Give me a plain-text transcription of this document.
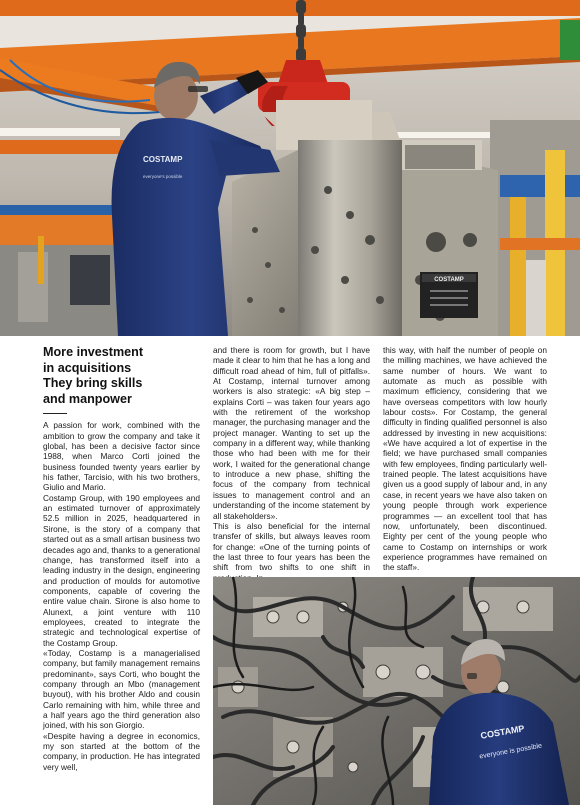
COSTAMP
COSTAMP
everyone's possible
More investment
in acquisitions
They bring skills
and manpower
A passion for work, combined with the ambition to grow the company and take it global, has been a decisive factor since 1988, when Marco Corti joined the business founded twenty years earlier by his father, Tarcisio, with his two brothers, Giulio and Mario.
Costamp Group, with 190 employees and an estimated turnover of approximately 52.5 million in 2025, headquartered in Sirone, is the story of a company that started out as a small artisan business two decades ago and, thanks to a generational change, has transformed itself into a leading industry in the design, engineering and production of moulds for automotive components, capable of covering the entire value chain. Sirone is also home to Alunext, a joint venture with 110 employees, created to integrate the strategic and technological expertise of the Costamp Group.
«Today, Costamp is a managerialised company, but family management remains predominant», says Corti, who bought the company through an Mbo (management buyout), with his brother Aldo and cousin Carlo remaining with him, while three and a half years ago the third generation also joined, with his son Giorgio.
«Despite having a degree in economics, my son started at the bottom of the company, in production. He has integrated very well,
and there is room for growth, but I have made it clear to him that he has a long and difficult road ahead of him, full of pitfalls». At Costamp, internal turnover among workers is also strategic: «A big step – explains Corti – was taken four years ago with the retirement of the workshop manager, the purchasing manager and the project manager. Wanting to set up the company in a different way, while thanking those who had been with me for their work, I waited for the generational change to introduce a new phase, shifting the focus of the company from technical issues to management control and an understanding of the income statement by all stakeholders».
This is also beneficial for the internal transfer of skills, but always leaves room for change: «One of the turning points of the last three to four years has been the shift from two shifts to one shift in
this way, with half the number of people on the milling machines, we have achieved the same number of hours. We want to automate as much as possible with maximum efficiency, considering that we have overseas competitors with low hourly labour costs». For Costamp, the general difficulty in finding qualified personnel is also addressed by investing in new acquisitions: «We have acquired a lot of expertise in the field; we have purchased small companies with few employees, finding particularly well-trained people. The latest acquisitions have given us a good supply of labour and, in any case, in recent years we have also taken on young people through work experience programmes — an excellent tool that has now, unfortunately, been discontinued. Eighty per cent of the young people who came to Costamp on internships or work experience programmes have remained on the staff».
COSTAMP
everyone is possible
